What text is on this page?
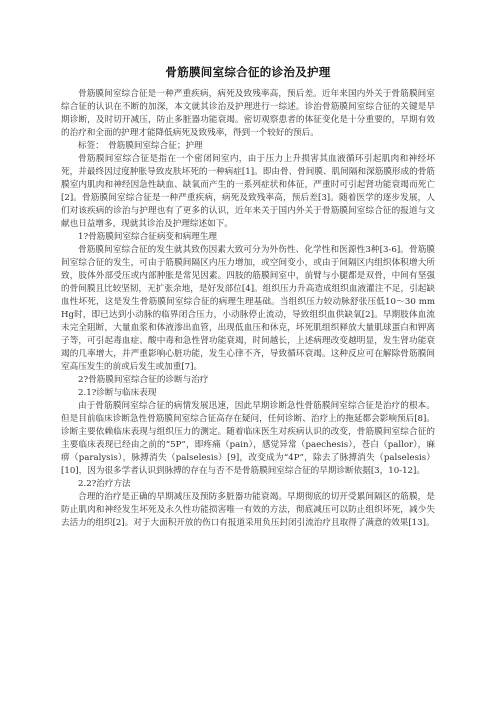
骨筋膜间室综合征的诊治及护理

骨筋膜间室综合征是一种严重疾病，病死及致残率高，预后差。近年来国内外关于骨筋膜间室综合征的认识在不断的加深，本文就其诊治及护理进行一综述。诊治骨筋膜间室综合征的关键是早期诊断，及时切开减压，防止多脏器功能衰竭。密切观察患者的体征变化是十分重要的，早期有效的治疗和全面的护理才能降低病死及致残率，得到一个较好的预后。

标签：　骨筋膜间室综合征；护理

骨筋膜间室综合征是指在一个密闭间室内，由于压力上升损害其血液循环引起肌肉和神经坏死，并最终因过度肿胀导致皮肤坏死的一种病症[1]。即由骨、骨间膜、肌间隔和深筋膜形成的骨筋膜室内肌肉和神经因急性缺血、缺氧而产生的一系列症状和体征，严重时可引起肾功能衰竭而死亡[2]。骨筋膜间室综合征是一种严重疾病，病死及致残率高，预后差[3]。随着医学的逐步发展，人们对该疾病的诊治与护理也有了更多的认识，近年来关于国内外关于骨筋膜间室综合征的报道与文献也日益增多，现就其诊治及护理综述如下。

1?骨筋膜间室综合征病变和病理生理

骨筋膜间室综合征的发生就其致伤因素大致可分为外伤性、化学性和医源性3种[3-6]。骨筋膜间室综合征的发生，可由于筋膜间隔区内压力增加，或空间变小，或由于间隔区内组织体积增大所致，肢体外部受压或内部肿胀是常见因素。四肢的筋膜间室中，前臂与小腿都是双骨，中间有坚强的骨间膜且比较坚韧，无扩张余地，是好发部位[4]。组织压力升高造成组织血液灌注不足，引起缺血性坏死，这是发生骨筋膜间室综合征的病理生理基础。当组织压力较动脉舒张压低10～30 mm Hg时，即已达到小动脉的临界闭合压力，小动脉停止流动，导致组织血供缺氧[2]。早期肢体血流未完全阻断，大量血浆和体液渗出血管，出现低血压和休克，坏死肌组织释放大量肌球蛋白和钾离子等，可引起毒血症、酸中毒和急性肾功能衰竭，时间越长，上述病理改变越明显，发生肾功能衰竭的几率增大，并严重影响心脏功能，发生心律不齐，导致循环衰竭。这种反应可在解除骨筋膜间室高压发生的前或后发生或加重[7]。

2?骨筋膜间室综合征的诊断与治疗

2.1?诊断与临床表现

由于骨筋膜间室综合征的病情发展迅速，因此早期诊断急性骨筋膜间室综合征是治疗的根本。但是目前临床诊断急性骨筋膜间室综合征高存在疑问，任何诊断、治疗上的拖延都会影响预后[8]。诊断主要依赖临床表现与组织压力的测定。随着临床医生对疾病认识的改变，骨筋膜间室综合征的主要临床表现已经由之前的“5P”，即疼痛（pain），感觉异常（paechesis），苍白（pallor），麻痹（paralysis），脉搏消失（palselesis）[9]，改变成为“4P”，除去了脉搏消失（palselesis）[10]，因为很多学者认识到脉搏的存在与否不是骨筋膜间室综合征的早期诊断依据[3，10-12]。

2.2?治疗方法

合理的治疗是正确的早期减压及预防多脏器功能衰竭。早期彻底的切开受累间隔区的筋膜，是防止肌肉和神经发生坏死及永久性功能损害唯一有效的方法，彻底减压可以防止组织坏死，减少失去活力的组织[2]。对于大面积开放的伤口有报道采用负压封闭引流治疗且取得了满意的效果[13]。
